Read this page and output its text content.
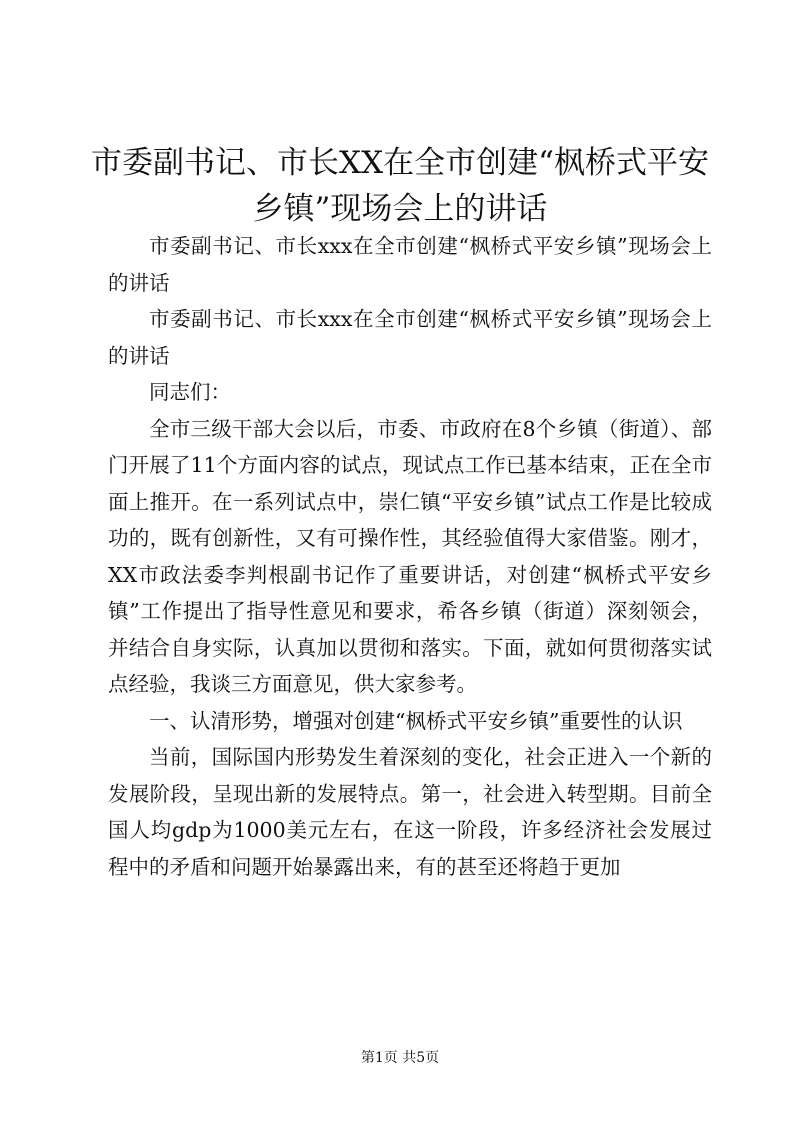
市委副书记、市长XX在全市创建“枫桥式平安乡镇”现场会上的讲话

市委副书记、市长xxx在全市创建“枫桥式平安乡镇”现场会上的讲话

市委副书记、市长xxx在全市创建“枫桥式平安乡镇”现场会上的讲话

同志们：

全市三级干部大会以后，市委、市政府在8个乡镇（街道）、部门开展了11个方面内容的试点，现试点工作已基本结束，正在全市面上推开。在一系列试点中，崇仁镇“平安乡镇”试点工作是比较成功的，既有创新性，又有可操作性，其经验值得大家借鉴。刚才，XX市政法委李判根副书记作了重要讲话，对创建“枫桥式平安乡镇”工作提出了指导性意见和要求，希各乡镇（街道）深刻领会，并结合自身实际，认真加以贯彻和落实。下面，就如何贯彻落实试点经验，我谈三方面意见，供大家参考。

一、认清形势，增强对创建“枫桥式平安乡镇”重要性的认识

当前，国际国内形势发生着深刻的变化，社会正进入一个新的发展阶段，呈现出新的发展特点。第一，社会进入转型期。目前全国人均gdp为1000美元左右，在这一阶段，许多经济社会发展过程中的矛盾和问题开始暴露出来，有的甚至还将趋于更加

第1页 共5页
